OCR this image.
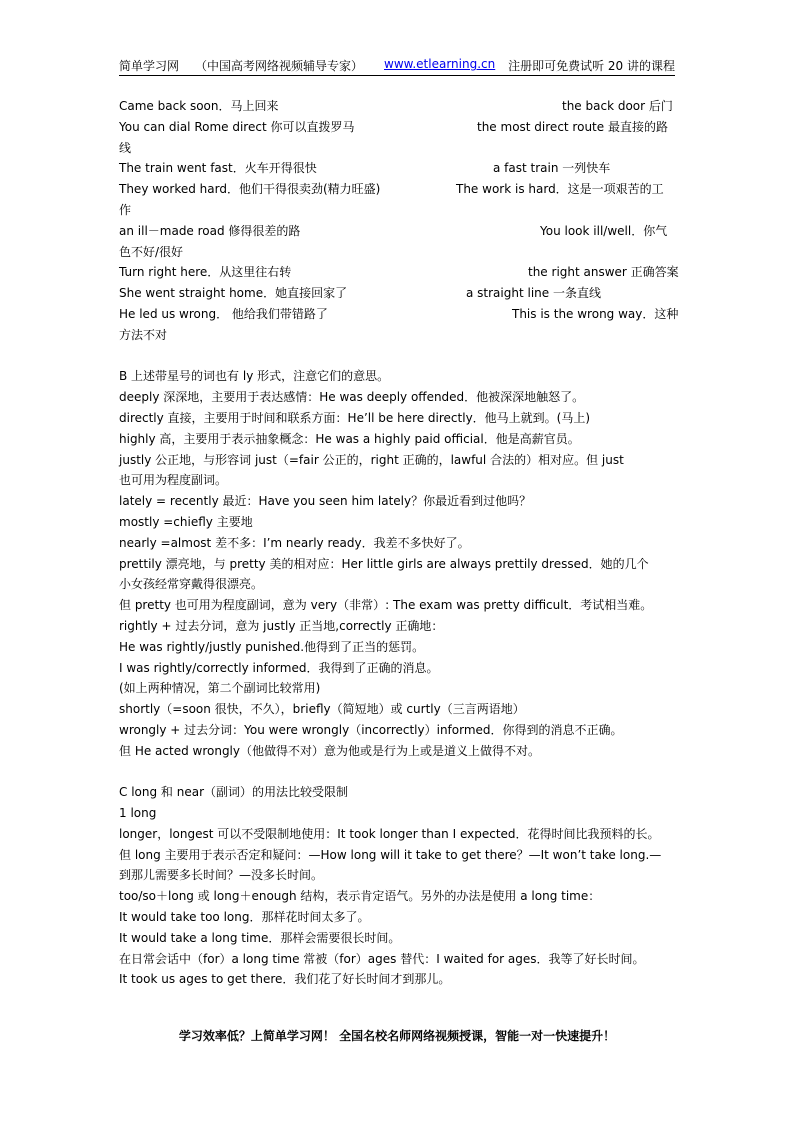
简单学习网 （中国高考网络视频辅导专家） www.etlearning.cn 注册即可免费试听 20 讲的课程
Came back soon．马上回来	the back door 后门
You can dial Rome direct 你可以直拨罗马	the most direct route 最直接的路
线
The train went fast．火车开得很快	a fast train 一列快车
They worked hard．他们干得很卖劲(精力旺盛)	The work is hard．这是一项艰苦的工
作
an ill－made road 修得很差的路	You look ill/well．你气
色不好/很好
Turn right here．从这里往右转	the right answer 正确答案
She went straight home．她直接回家了	a straight line 一条直线
He led us wrong． 他给我们带错路了	This is the wrong way．这种
方法不对
B 上述带星号的词也有 ly 形式，注意它们的意思。
deeply 深深地，主要用于表达感情：He was deeply offended．他被深深地触怒了。
directly 直接，主要用于时间和联系方面：He’ll be here directly．他马上就到。(马上)
highly 高，主要用于表示抽象概念：He was a highly paid official．他是高薪官员。
justly 公正地，与形容词 just（=fair 公正的，right 正确的，lawful 合法的）相对应。但 just
也可用为程度副词。
lately = recently 最近：Have you seen him lately？你最近看到过他吗？
mostly =chiefly 主要地
nearly =almost 差不多：I’m nearly ready．我差不多快好了。
prettily 漂亮地，与 pretty 美的相对应：Her little girls are always prettily dressed．她的几个
小女孩经常穿戴得很漂亮。
但 pretty 也可用为程度副词，意为 very（非常）: The exam was pretty difficult．考试相当难。
rightly + 过去分词，意为 justly 正当地,correctly 正确地：
He was rightly/justly punished.他得到了正当的惩罚。
I was rightly/correctly informed．我得到了正确的消息。
(如上两种情况，第二个副词比较常用)
shortly（=soon 很快，不久），briefly（简短地）或 curtly（三言两语地）
wrongly + 过去分词：You were wrongly（incorrectly）informed．你得到的消息不正确。
但 He acted wrongly（他做得不对）意为他或是行为上或是道义上做得不对。
C long 和 near（副词）的用法比较受限制
1 long
longer，longest 可以不受限制地使用：It took longer than I expected．花得时间比我预料的长。
但 long 主要用于表示否定和疑问：—How long will it take to get there？—It won’t take long.—
到那儿需要多长时间？—没多长时间。
too/so＋long 或 long＋enough 结构，表示肯定语气。另外的办法是使用 a long time：
It would take too long．那样花时间太多了。
It would take a long time．那样会需要很长时间。
在日常会话中（for）a long time 常被（for）ages 替代：I waited for ages．我等了好长时间。
It took us ages to get there．我们花了好长时间才到那儿。
学习效率低？上简单学习网！ 全国名校名师网络视频授课，智能一对一快速提升！
